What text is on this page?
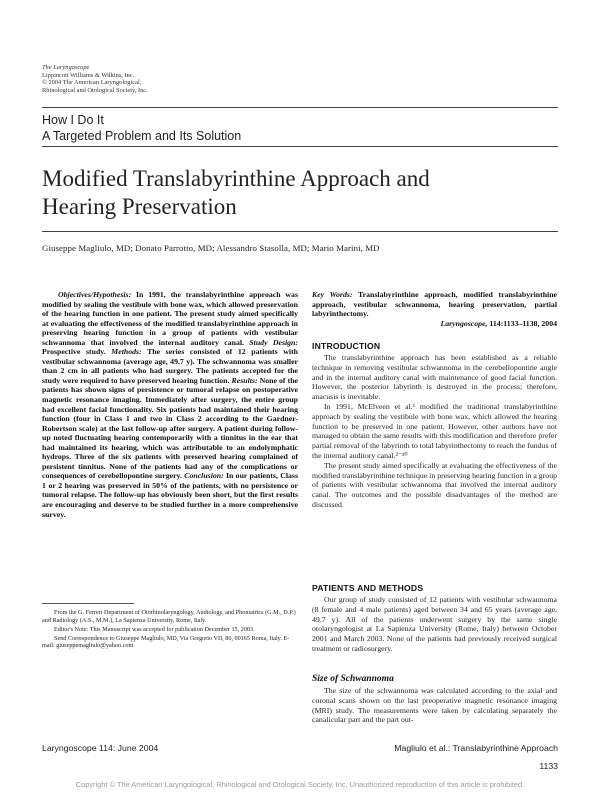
The Laryngoscope
Lippincott Williams & Wilkins, Inc.
© 2004 The American Laryngological,
Rhinological and Otological Society, Inc.
How I Do It
A Targeted Problem and Its Solution
Modified Translabyrinthine Approach and
Hearing Preservation
Giuseppe Magliulo, MD; Donato Parrotto, MD; Alessandro Stasolla, MD; Mario Marini, MD
Objectives/Hypothesis: In 1991, the translabyrinthine approach was modified by sealing the vestibule with bone wax, which allowed preservation of the hearing function in one patient. The present study aimed specifically at evaluating the effectiveness of the modified translabyrinthine approach in preserving hearing function in a group of patients with vestibular schwannoma that involved the internal auditory canal. Study Design: Prospective study. Methods: The series consisted of 12 patients with vestibular schwannoma (average age, 49.7 y). The schwannoma was smaller than 2 cm in all patients who had surgery. The patients accepted for the study were required to have preserved hearing function. Results: None of the patients has shown signs of persistence or tumoral relapse on postoperative magnetic resonance imaging. Immediately after surgery, the entire group had excellent facial functionality. Six patients had maintained their hearing function (four in Class 1 and two in Class 2 according to the Gardner-Robertson scale) at the last follow-up after surgery. A patient during follow-up noted fluctuating hearing contemporarily with a tinnitus in the ear that had maintained its hearing, which was attributable to an endolymphatic hydrops. Three of the six patients with preserved hearing complained of persistent tinnitus. None of the patients had any of the complications or consequences of cerebellopontine surgery. Conclusion: In our patients, Class 1 or 2 hearing was preserved in 50% of the patients, with no persistence or tumoral relapse. The follow-up has obviously been short, but the first results are encouraging and deserve to be studied further in a more comprehensive survey.
Key Words: Translabyrinthine approach, modified translabyrinthine approach, vestibular schwannoma, hearing preservation, partial labyrinthectomy.
Laryngoscope, 114:1133–1138, 2004
INTRODUCTION

The translabyrinthine approach has been established as a reliable technique in removing vestibular schwannoma in the cerebellopontine angle and in the internal auditory canal with maintenance of good facial function. However, the posterior labyrinth is destroyed in the process; therefore, anacusis is inevitable.

In 1991, McElveen et al.¹ modified the traditional translabyrinthine approach by sealing the vestibule with bone wax, which allowed the hearing function to be preserved in one patient. However, other authors have not managed to obtain the same results with this modification and therefore prefer partial removal of the labyrinth to total labyrinthectomy to reach the fundus of the internal auditory canal.²⁻¹⁰

The present study aimed specifically at evaluating the effectiveness of the modified translabyrinthine technique in preserving hearing function in a group of patients with vestibular schwannoma that involved the internal auditory canal. The outcomes and the possible disadvantages of the method are discussed.

PATIENTS AND METHODS

Our group of study consisted of 12 patients with vestibular schwannoma (8 female and 4 male patients) aged between 34 and 65 years (average age, 49.7 y). All of the patients underwent surgery by the same single otolaryngologist at La Sapienza University (Rome, Italy) between October 2001 and March 2003. None of the patients had previously received surgical treatment or radiosurgery.

Size of Schwannoma

The size of the schwannoma was calculated according to the axial and coronal scans shown on the last preoperative magnetic resonance imaging (MRI) study. The measurements were taken by calculating separately the canalicular part and the part out-

From the G. Ferreri Department of Otorhinolaryngology, Audiology, and Phoniatrics (G.M., D.P.) and Radiology (A.S., M.M.), La Sapienza University, Rome, Italy.

Editor's Note: This Manuscript was accepted for publication December 15, 2003.

Send Correspondence to Giuseppe Magliulo, MD, Via Gregorio VII, 80, 00165 Roma, Italy. E-mail: giuseppemagliulo@yahoo.com

Laryngoscope 114: June 2004	Magliulo et al.: Translabyrinthine Approach
1133
Copyright © The American Laryngological, Rhinological and Otological Society, Inc. Unauthorized reproduction of this article is prohibited.
